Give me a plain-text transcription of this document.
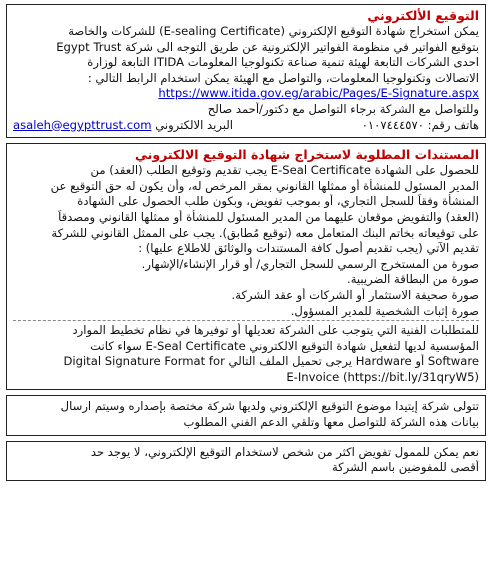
التوقيع الألكتروني
يمكن استخراج شهادة التوقيع الإلكتروني (E-sealing Certificate) للشركات والخاصة
بتوقيع الفواتير في منظومة الفواتير الإلكترونية عن طريق التوجه الى شركة Egypt Trust
احدى الشركات التابعة لهيئة تنمية صناعة تكنولوجيا المعلومات ITIDA التابعة لوزارة
الاتصالات وتكنولوجيا المعلومات، والتواصل مع الهيئة يمكن استخدام الرابط التالي :
https://www.itida.gov.eg/arabic/Pages/E-Signature.aspx
وللتواصل مع الشركة برجاء التواصل مع دكتور/أحمد صالح
هاتف رقم: ٠١٠٧٤٤٤٥٧٠
البريد الالكتروني asaleh@egypttrust.com
المستندات المطلوبة لاستخراج شهادة التوقيع الالكتروني
للحصول على الشهادة E-Seal Certificate يجب تقديم وتوقيع الطلب (العقد) من
المدير المسئول للمنشأة أو ممثلها القانوني بمقر المرخص له، وأن يكون له حق التوقيع عن
المنشأة وفقاً للسجل التجاري، أو بموجب تفويض، وبكون طلب الحصول على الشهادة
(العقد) والتفويض موقعان عليهما من المدير المسئول للمنشأة أو ممثلها القانوني ومصدقاً
على توقيعاته بخاتم البنك المتعامل معه (توقيع مُطابق). يجب على الممثل القانوني للشركة
تقديم الآتي (يجب تقديم أصول كافة المستندات والوثائق للاطلاع عليها) :
صورة من المستخرج الرسمي للسجل التجاري/ أو قرار الإنشاء/الإشهار.
صورة من البطاقة الضريبية.
صورة صحيفة الاستثمار أو الشركات أو عقد الشركة.
صورة إثبات الشخصية للمدير المسؤول.
للمتطلبات الفنية التي يتوجب على الشركة تعديلها أو توفيرها في نظام تخطيط الموارد
المؤسسية لديها لتفعيل شهادة التوقيع الالكتروني E-Seal Certificate سواء كانت
Software أو Hardware يرجى تحميل الملف التالي Digital Signature Format for
E-Invoice (https://bit.ly/31qryW5)
تتولى شركة إيتيدا موضوع التوقيع الإلكتروني ولديها شركة مختصة بإصداره وسيتم ارسال
بيانات هذه الشركة للتواصل معها وتلقي الدعم الفني المطلوب
نعم يمكن للممول تفويض اكثر من شخص لاستخدام التوقيع الإلكتروني، لا يوجد حد
أقصى للمفوضين باسم الشركة
